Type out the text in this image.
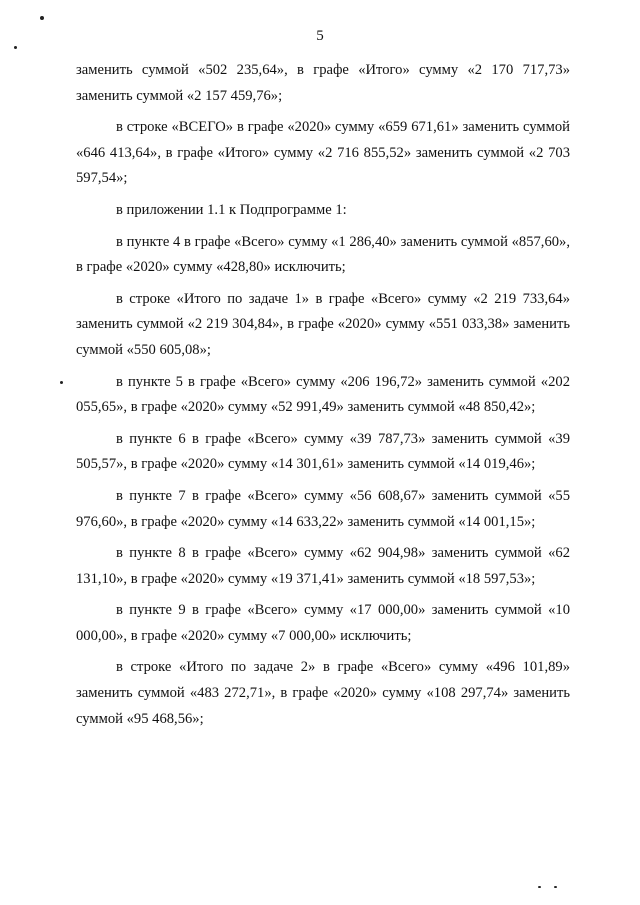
5

заменить суммой «502 235,64», в графе «Итого» сумму «2 170 717,73» заменить суммой «2 157 459,76»;

в строке «ВСЕГО» в графе «2020» сумму «659 671,61» заменить суммой «646 413,64», в графе «Итого» сумму «2 716 855,52» заменить суммой «2 703 597,54»;

в приложении 1.1 к Подпрограмме 1:

в пункте 4 в графе «Всего» сумму «1 286,40» заменить суммой «857,60», в графе «2020» сумму «428,80» исключить;

в строке «Итого по задаче 1» в графе «Всего» сумму «2 219 733,64» заменить суммой «2 219 304,84», в графе «2020» сумму «551 033,38» заменить суммой «550 605,08»;

в пункте 5 в графе «Всего» сумму «206 196,72» заменить суммой «202 055,65», в графе «2020» сумму «52 991,49» заменить суммой «48 850,42»;

в пункте 6 в графе «Всего» сумму «39 787,73» заменить суммой «39 505,57», в графе «2020» сумму «14 301,61» заменить суммой «14 019,46»;

в пункте 7 в графе «Всего» сумму «56 608,67» заменить суммой «55 976,60», в графе «2020» сумму «14 633,22» заменить суммой «14 001,15»;

в пункте 8 в графе «Всего» сумму «62 904,98» заменить суммой «62 131,10», в графе «2020» сумму «19 371,41» заменить суммой «18 597,53»;

в пункте 9 в графе «Всего» сумму «17 000,00» заменить суммой «10 000,00», в графе «2020» сумму «7 000,00» исключить;

в строке «Итого по задаче 2» в графе «Всего» сумму «496 101,89» заменить суммой «483 272,71», в графе «2020» сумму «108 297,74» заменить суммой «95 468,56»;
